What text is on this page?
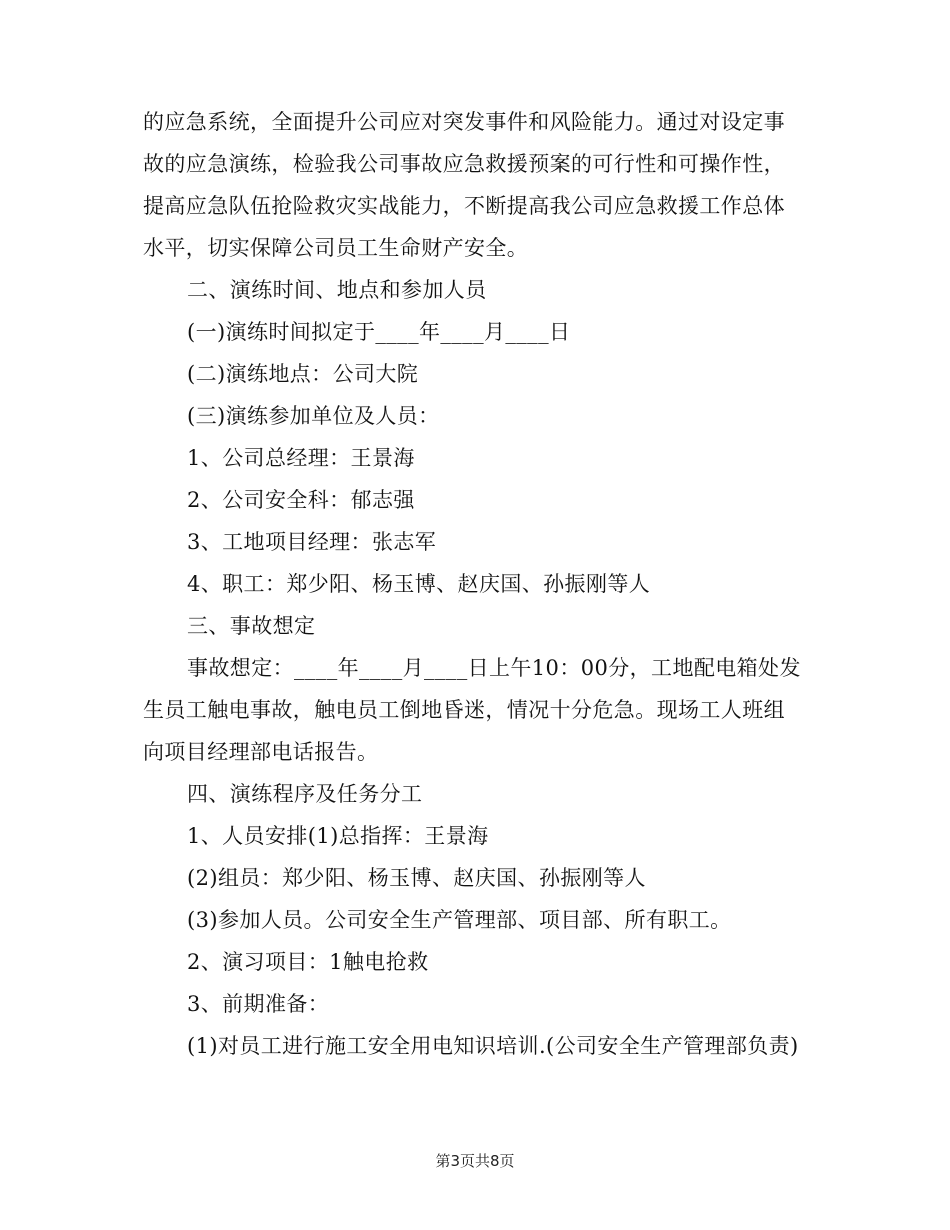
的应急系统，全面提升公司应对突发事件和风险能力。通过对设定事
故的应急演练，检验我公司事故应急救援预案的可行性和可操作性，
提高应急队伍抢险救灾实战能力，不断提高我公司应急救援工作总体
水平，切实保障公司员工生命财产安全。
二、演练时间、地点和参加人员
(一)演练时间拟定于____年____月____日
(二)演练地点：公司大院
(三)演练参加单位及人员：
1、公司总经理：王景海
2、公司安全科：郁志强
3、工地项目经理：张志军
4、职工：郑少阳、杨玉博、赵庆国、孙振刚等人
三、事故想定
事故想定：____年____月____日上午10：00分，工地配电箱处发
生员工触电事故，触电员工倒地昏迷，情况十分危急。现场工人班组
向项目经理部电话报告。
四、演练程序及任务分工
1、人员安排(1)总指挥：王景海
(2)组员：郑少阳、杨玉博、赵庆国、孙振刚等人
(3)参加人员。公司安全生产管理部、项目部、所有职工。
2、演习项目：1触电抢救
3、前期准备：
(1)对员工进行施工安全用电知识培训.(公司安全生产管理部负责)
第3页共8页
